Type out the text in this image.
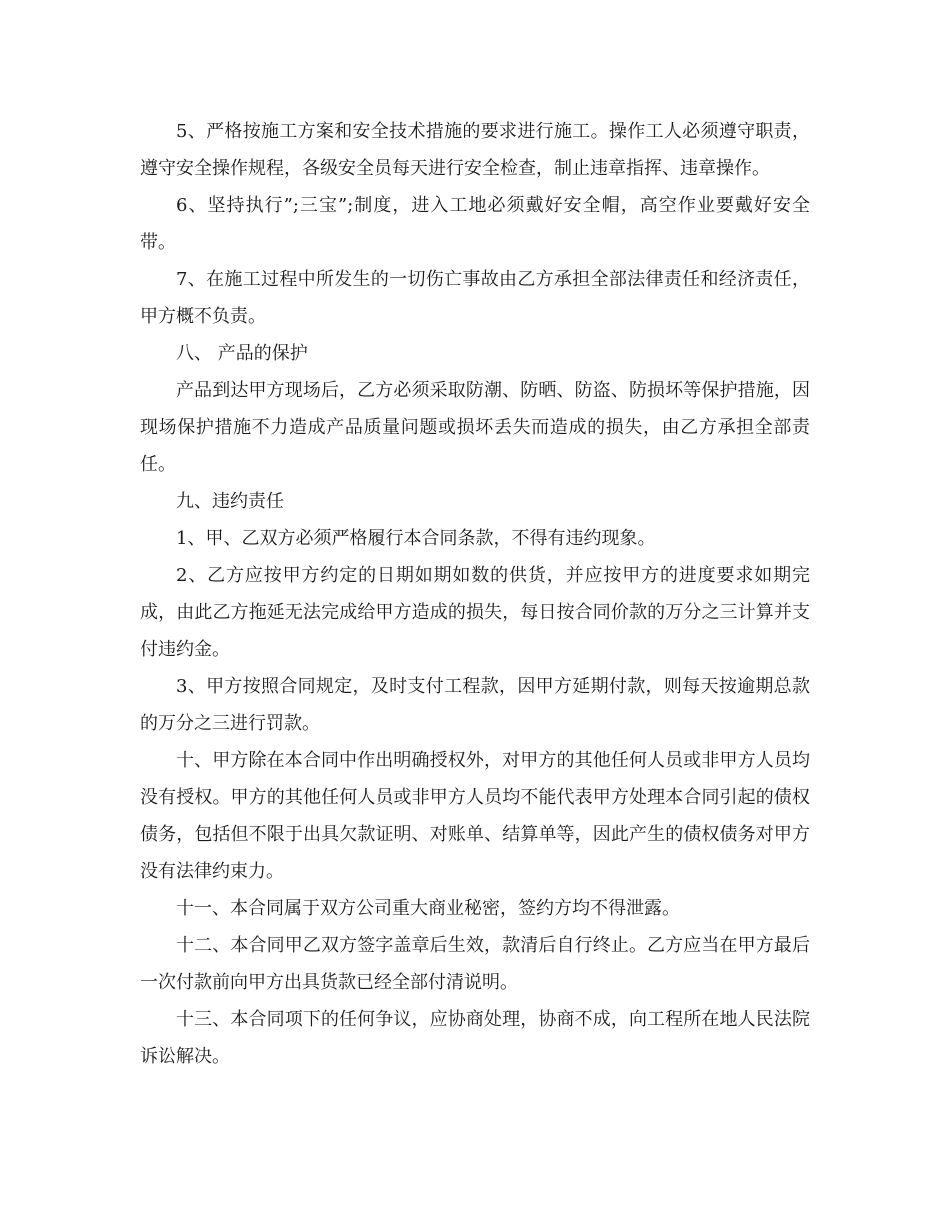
5、严格按施工方案和安全技术措施的要求进行施工。操作工人必须遵守职责，遵守安全操作规程，各级安全员每天进行安全检查，制止违章指挥、违章操作。

6、坚持执行”;三宝”;制度，进入工地必须戴好安全帽，高空作业要戴好安全带。

7、在施工过程中所发生的一切伤亡事故由乙方承担全部法律责任和经济责任，甲方概不负责。

八、 产品的保护

产品到达甲方现场后，乙方必须采取防潮、防晒、防盗、防损坏等保护措施，因现场保护措施不力造成产品质量问题或损坏丢失而造成的损失，由乙方承担全部责任。

九、违约责任

1、甲、乙双方必须严格履行本合同条款，不得有违约现象。

2、乙方应按甲方约定的日期如期如数的供货，并应按甲方的进度要求如期完成，由此乙方拖延无法完成给甲方造成的损失，每日按合同价款的万分之三计算并支付违约金。

3、甲方按照合同规定，及时支付工程款，因甲方延期付款，则每天按逾期总款的万分之三进行罚款。

十、甲方除在本合同中作出明确授权外，对甲方的其他任何人员或非甲方人员均没有授权。甲方的其他任何人员或非甲方人员均不能代表甲方处理本合同引起的债权债务，包括但不限于出具欠款证明、对账单、结算单等，因此产生的债权债务对甲方没有法律约束力。

十一、本合同属于双方公司重大商业秘密，签约方均不得泄露。

十二、本合同甲乙双方签字盖章后生效，款清后自行终止。乙方应当在甲方最后一次付款前向甲方出具货款已经全部付清说明。

十三、本合同项下的任何争议，应协商处理，协商不成，向工程所在地人民法院诉讼解决。
